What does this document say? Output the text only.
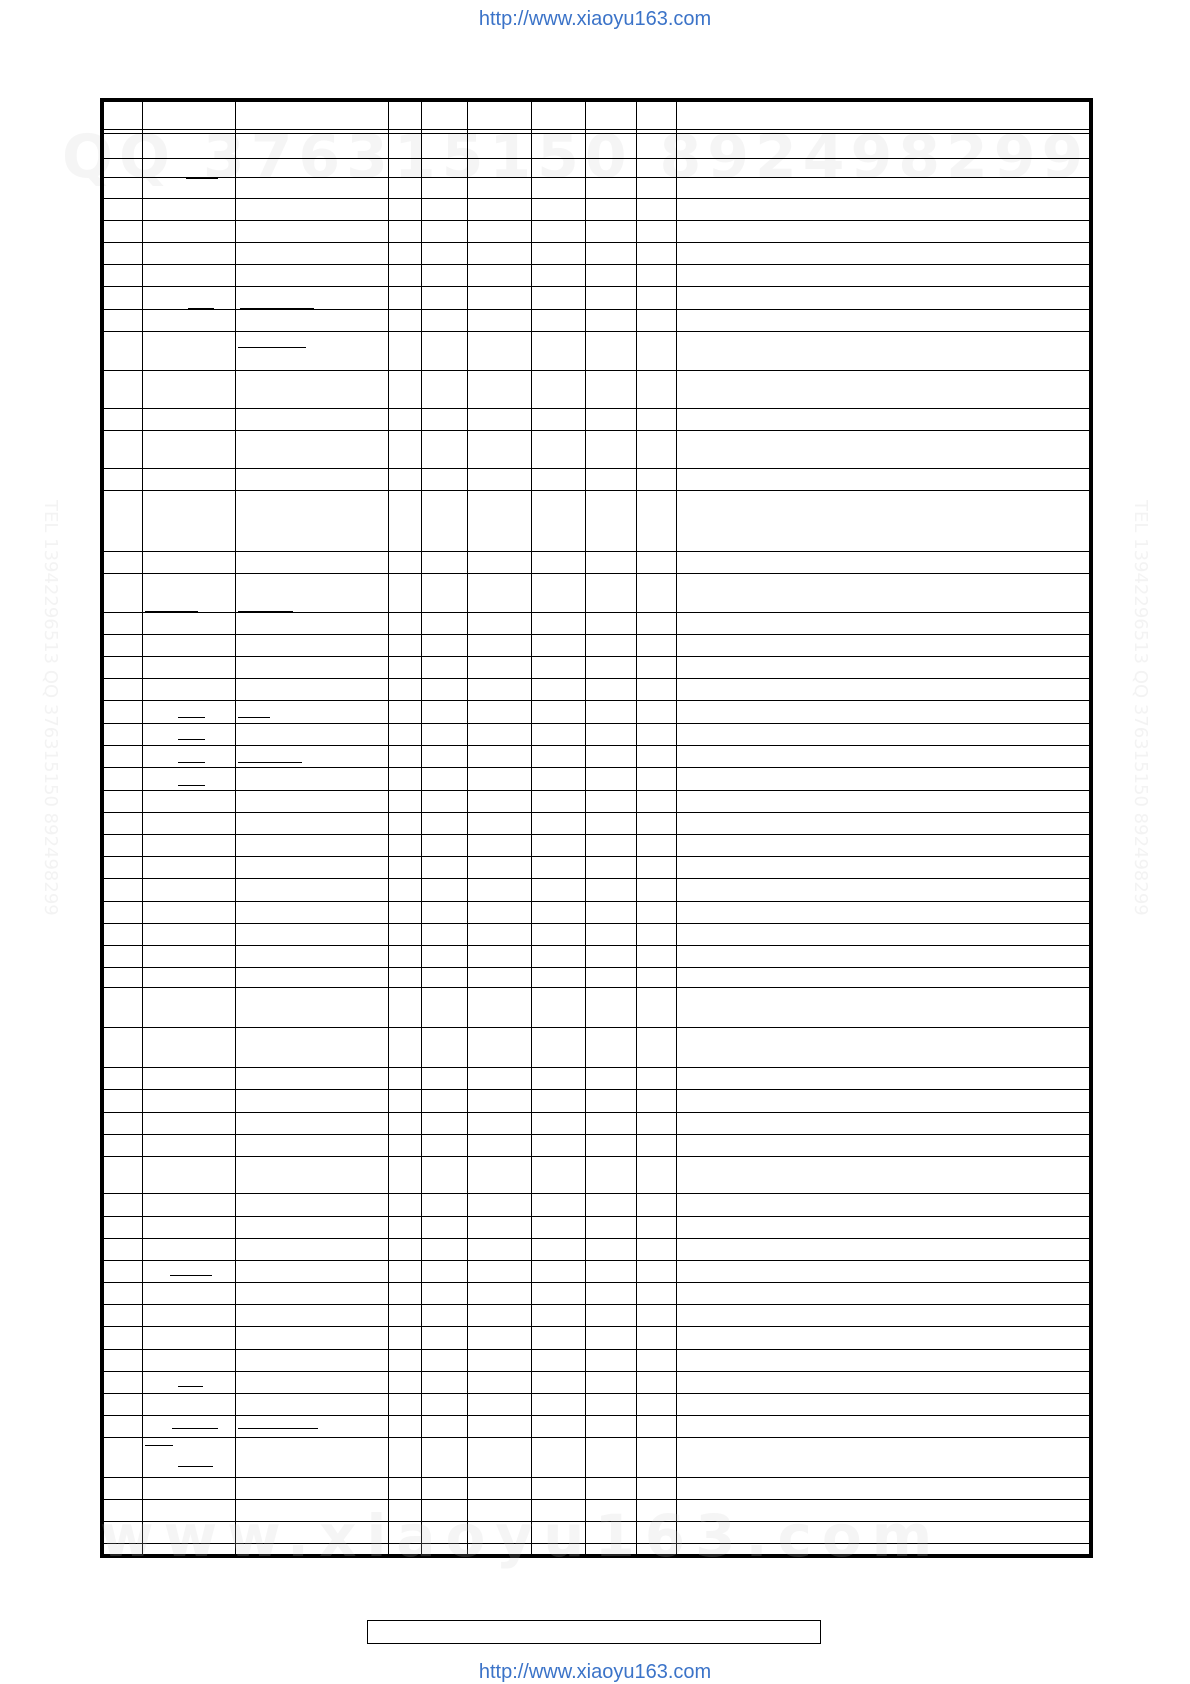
http://www.xiaoyu163.com
QQ 376315150 892498299
TEL 13942296513 QQ 376315150 892498299	TEL 13942296513 QQ 376315150 892498299
www.xiaoyu163.com
http://www.xiaoyu163.com
